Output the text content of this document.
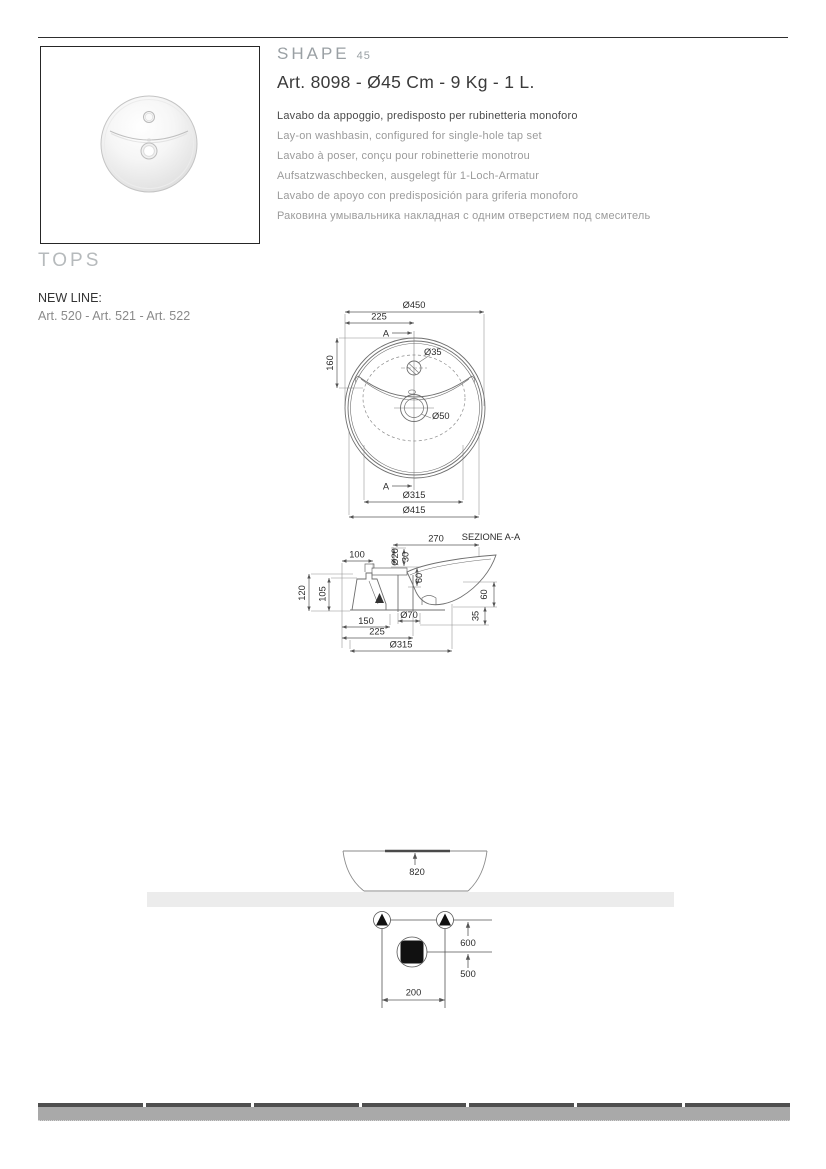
SHAPE 45
Art. 8098 - Ø45 Cm - 9 Kg - 1 L.
Lavabo da appoggio, predisposto per rubinetteria monoforo
Lay-on washbasin, configured for single-hole tap set
Lavabo à poser, conçu pour robinetterie monotrou
Aufsatzwaschbecken, ausgelegt für 1-Loch-Armatur
Lavabo de apoyo con predisposición para griferia monoforo
Раковина умывальника накладная с одним отверстием под смеситель
TOPS
NEW LINE:
Art. 520 - Art. 521 - Art. 522
Ø450
225
A
160
Ø35
Ø50
A
Ø315
Ø415
SEZIONE A-A
270
100	Ø20 30
60
120 105
150
Ø70
225
Ø315
60
35
820
600
500
200
